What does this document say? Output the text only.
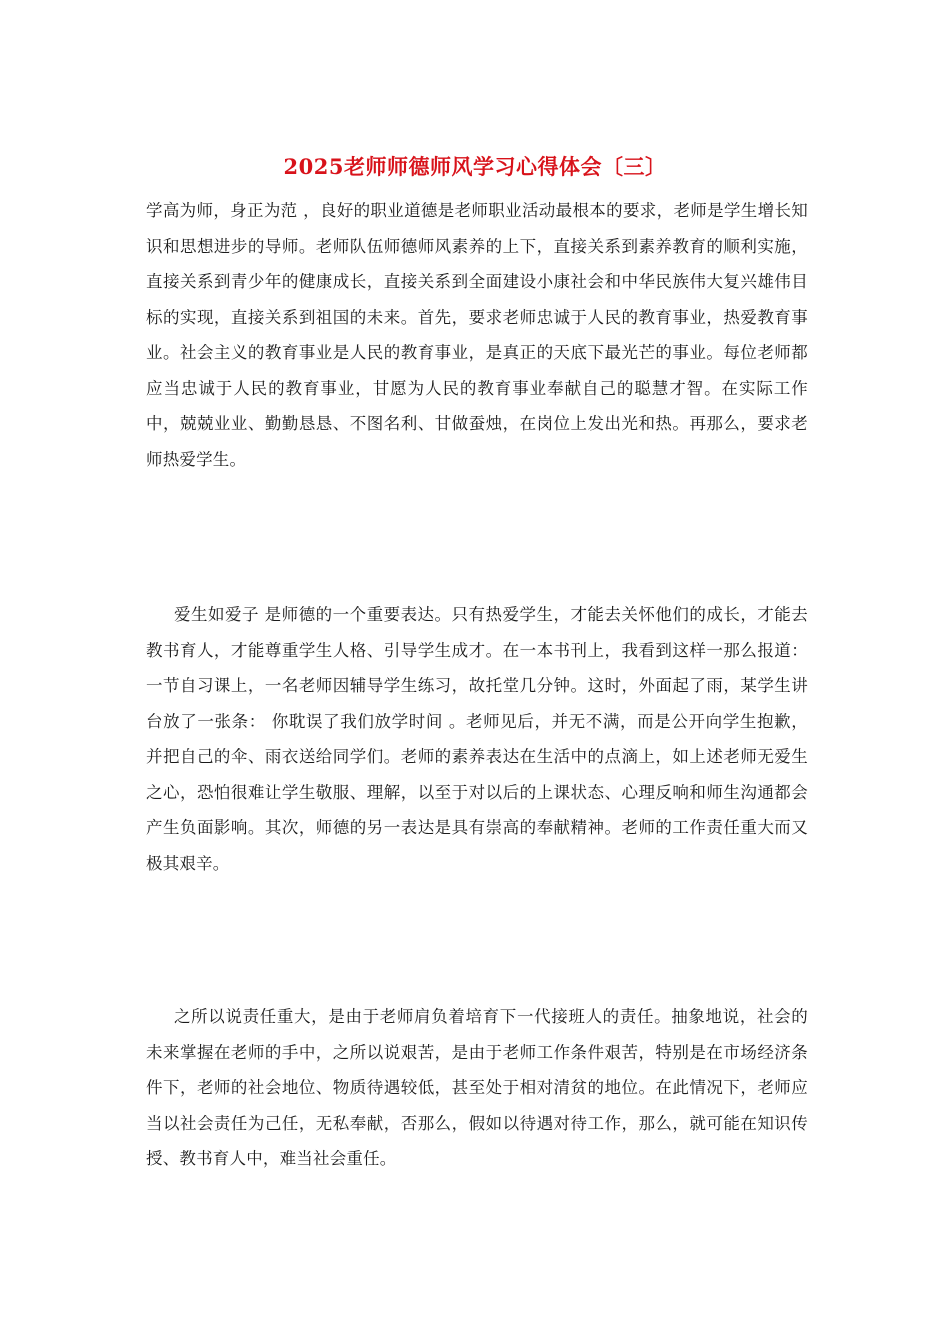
2025老师师德师风学习心得体会〔三〕

学高为师，身正为范 ，良好的职业道德是老师职业活动最根本的要求，老师是学生增长知识和思想进步的导师。老师队伍师德师风素养的上下，直接关系到素养教育的顺利实施，直接关系到青少年的健康成长，直接关系到全面建设小康社会和中华民族伟大复兴雄伟目标的实现，直接关系到祖国的未来。首先，要求老师忠诚于人民的教育事业，热爱教育事业。社会主义的教育事业是人民的教育事业，是真正的天底下最光芒的事业。每位老师都应当忠诚于人民的教育事业，甘愿为人民的教育事业奉献自己的聪慧才智。在实际工作中，兢兢业业、勤勤恳恳、不图名利、甘做蚕烛，在岗位上发出光和热。再那么，要求老师热爱学生。

爱生如爱子 是师德的一个重要表达。只有热爱学生，才能去关怀他们的成长，才能去教书育人，才能尊重学生人格、引导学生成才。在一本书刊上，我看到这样一那么报道：一节自习课上，一名老师因辅导学生练习，故托堂几分钟。这时，外面起了雨，某学生讲台放了一张条： 你耽误了我们放学时间 。老师见后，并无不满，而是公开向学生抱歉，并把自己的伞、雨衣送给同学们。老师的素养表达在生活中的点滴上，如上述老师无爱生之心，恐怕很难让学生敬服、理解，以至于对以后的上课状态、心理反响和师生沟通都会产生负面影响。其次，师德的另一表达是具有崇高的奉献精神。老师的工作责任重大而又极其艰辛。

之所以说责任重大，是由于老师肩负着培育下一代接班人的责任。抽象地说，社会的未来掌握在老师的手中，之所以说艰苦，是由于老师工作条件艰苦，特别是在市场经济条件下，老师的社会地位、物质待遇较低，甚至处于相对清贫的地位。在此情况下，老师应当以社会责任为己任，无私奉献，否那么，假如以待遇对待工作，那么，就可能在知识传授、教书育人中，难当社会重任。
